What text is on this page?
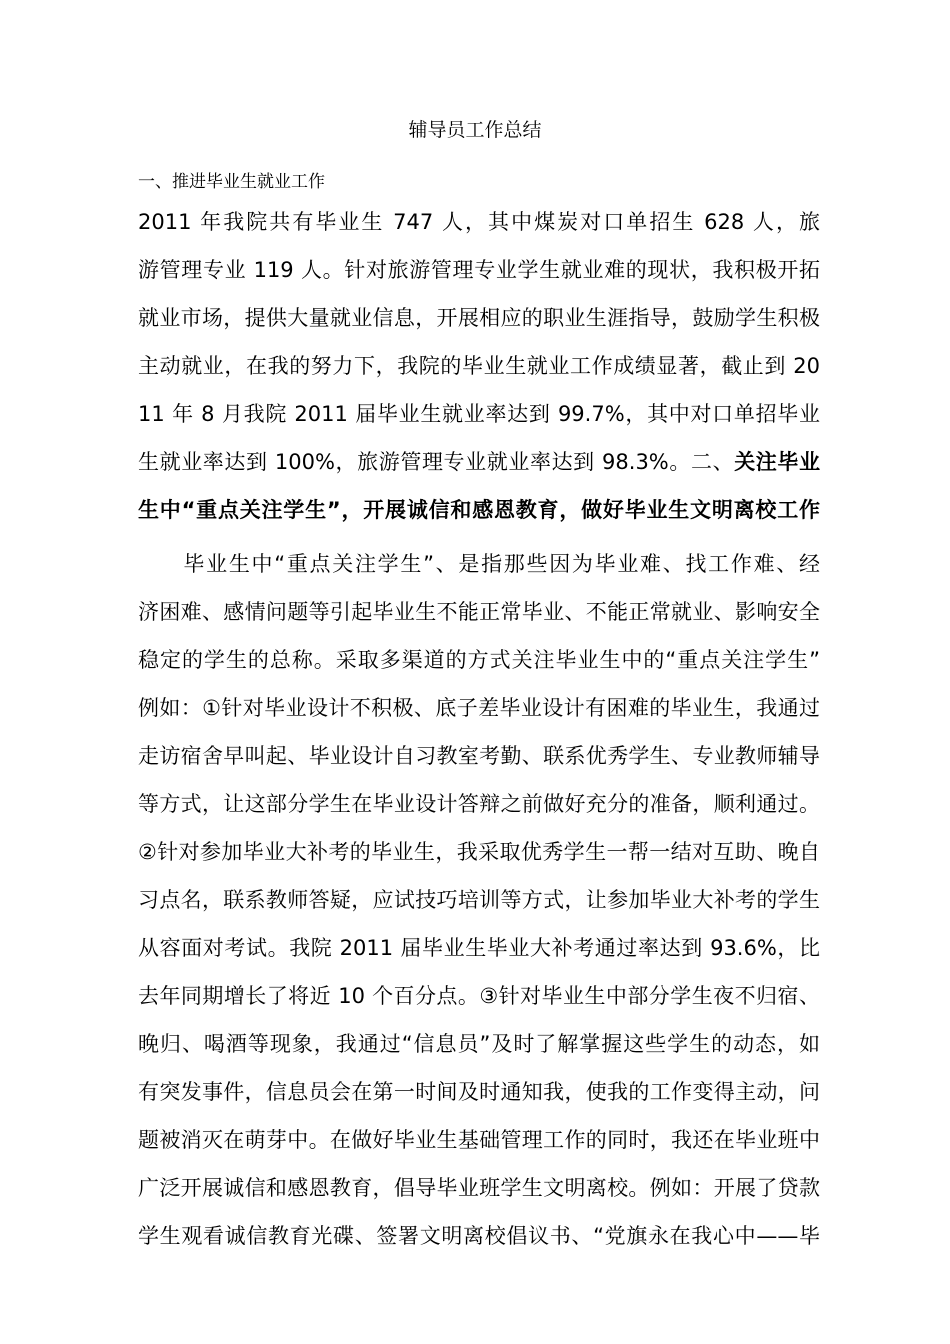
辅导员工作总结
一、推进毕业生就业工作
2011 年我院共有毕业生 747 人，其中煤炭对口单招生 628 人，旅
游管理专业 119 人。针对旅游管理专业学生就业难的现状，我积极开拓
就业市场，提供大量就业信息，开展相应的职业生涯指导，鼓励学生积极
主动就业，在我的努力下，我院的毕业生就业工作成绩显著，截止到 20
11 年 8 月我院 2011 届毕业生就业率达到 99.7%，其中对口单招毕业
生就业率达到 100%，旅游管理专业就业率达到 98.3%。二、关注毕业
生中“重点关注学生”，开展诚信和感恩教育，做好毕业生文明离校工作
　　毕业生中“重点关注学生”、是指那些因为毕业难、找工作难、经
济困难、感情问题等引起毕业生不能正常毕业、不能正常就业、影响安全
稳定的学生的总称。采取多渠道的方式关注毕业生中的“重点关注学生”
例如：①针对毕业设计不积极、底子差毕业设计有困难的毕业生，我通过
走访宿舍早叫起、毕业设计自习教室考勤、联系优秀学生、专业教师辅导
等方式，让这部分学生在毕业设计答辩之前做好充分的准备，顺利通过。
②针对参加毕业大补考的毕业生，我采取优秀学生一帮一结对互助、晚自
习点名，联系教师答疑，应试技巧培训等方式，让参加毕业大补考的学生
从容面对考试。我院 2011 届毕业生毕业大补考通过率达到 93.6%，比
去年同期增长了将近 10 个百分点。③针对毕业生中部分学生夜不归宿、
晚归、喝酒等现象，我通过“信息员”及时了解掌握这些学生的动态，如
有突发事件，信息员会在第一时间及时通知我，使我的工作变得主动，问
题被消灭在萌芽中。在做好毕业生基础管理工作的同时，我还在毕业班中
广泛开展诚信和感恩教育，倡导毕业班学生文明离校。例如：开展了贷款
学生观看诚信教育光碟、签署文明离校倡议书、“党旗永在我心中——毕
